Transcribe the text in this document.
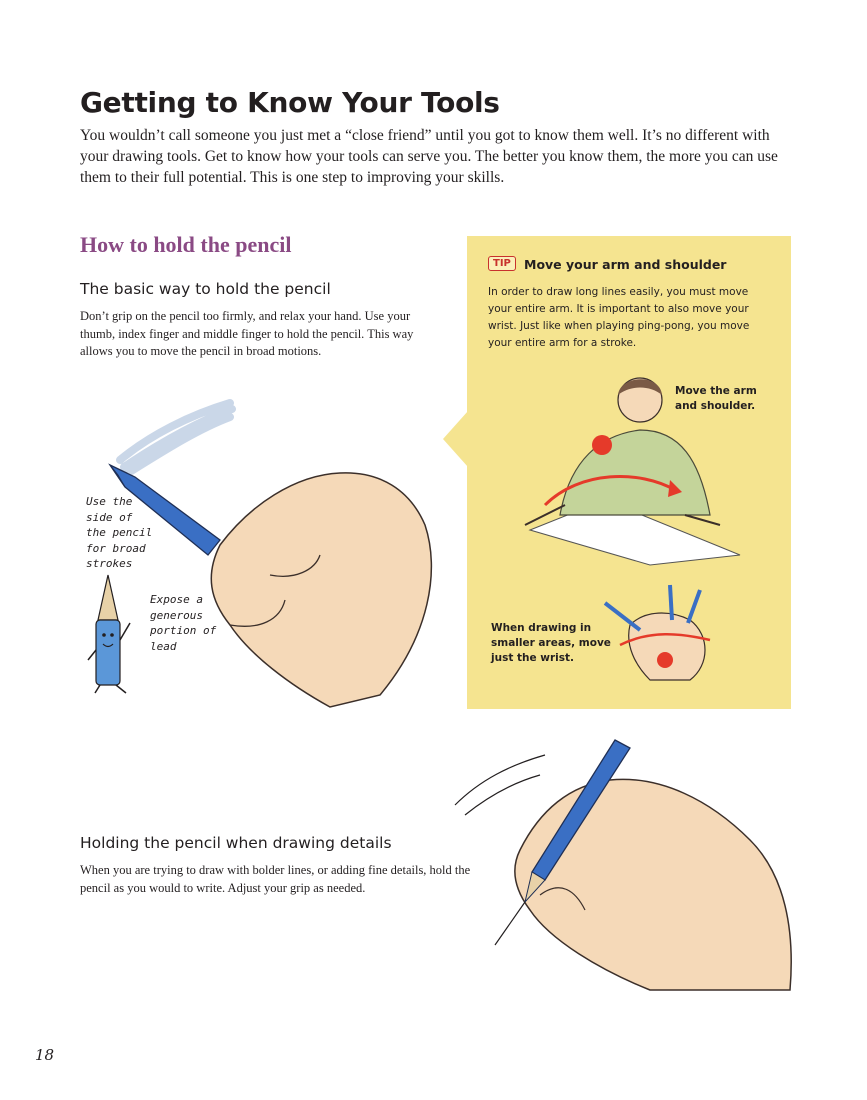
Getting to Know Your Tools

You wouldn’t call someone you just met a “close friend” until you got to know them well. It’s no different with your drawing tools. Get to know how your tools can serve you. The better you know them, the more you can use them to their full potential. This is one step to improving your skills.

How to hold the pencil
The basic way to hold the pencil

Don’t grip on the pencil too firmly, and relax your hand. Use your thumb, index finger and middle finger to hold the pencil. This way allows you to move the pencil in broad motions.

Use the
side of
the pencil
for broad
strokes

Expose a
generous
portion of
lead

TIP	Move your arm and shoulder

In order to draw long lines easily, you must move your entire arm. It is important to also move your wrist. Just like when playing ping-pong, you move your entire arm for a stroke.

Move the arm
and shoulder.

When drawing in
smaller areas, move
just the wrist.

Holding the pencil when drawing details

When you are trying to draw with bolder lines, or adding fine details, hold the pencil as you would to write. Adjust your grip as needed.

18
